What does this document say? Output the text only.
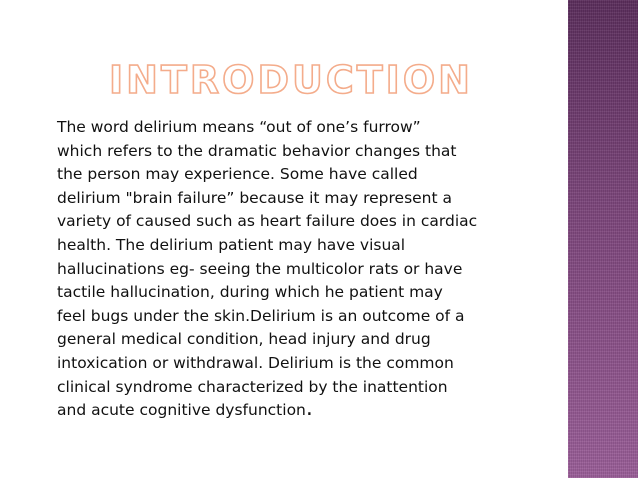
INTRODUCTION

The word delirium means “out of one’s furrow”
which refers to the dramatic behavior changes that
the person may experience. Some have called
delirium "brain failure” because it may represent a
variety of caused such as heart failure does in cardiac
health. The delirium patient may have visual
hallucinations eg- seeing the multicolor rats or have
tactile hallucination, during which he patient may
feel bugs under the skin.Delirium is an outcome of a
general medical condition, head injury and drug
intoxication or withdrawal. Delirium is the common
clinical syndrome characterized by the inattention
and acute cognitive dysfunction.
